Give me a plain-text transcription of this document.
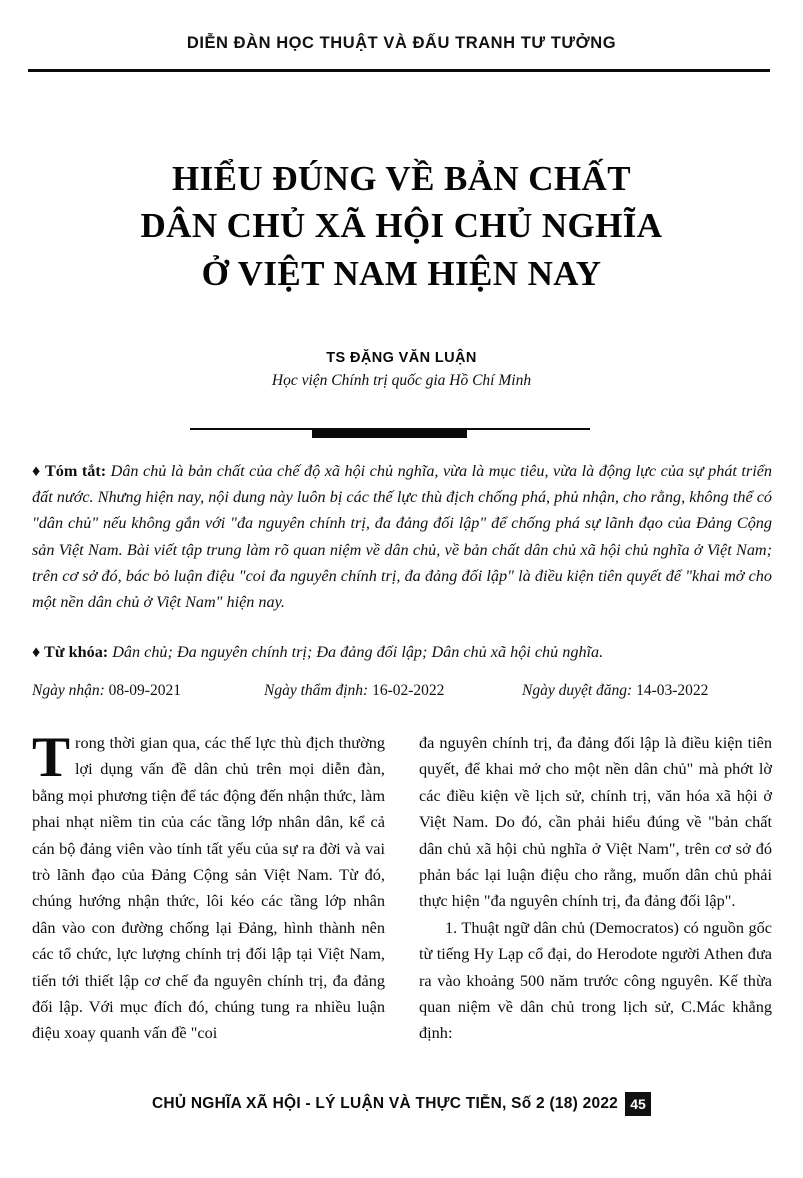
DIỄN ĐÀN HỌC THUẬT VÀ ĐẤU TRANH TƯ TƯỞNG
HIỂU ĐÚNG VỀ BẢN CHẤT
DÂN CHỦ XÃ HỘI CHỦ NGHĨA
Ở VIỆT NAM HIỆN NAY
TS ĐẶNG VĂN LUẬN
Học viện Chính trị quốc gia Hồ Chí Minh
♦ Tóm tắt: Dân chủ là bản chất của chế độ xã hội chủ nghĩa, vừa là mục tiêu, vừa là động lực của sự phát triển đất nước. Nhưng hiện nay, nội dung này luôn bị các thế lực thù địch chống phá, phủ nhận, cho rằng, không thể có "dân chủ" nếu không gắn với "đa nguyên chính trị, đa đảng đối lập" để chống phá sự lãnh đạo của Đảng Cộng sản Việt Nam. Bài viết tập trung làm rõ quan niệm về dân chủ, về bản chất dân chủ xã hội chủ nghĩa ở Việt Nam; trên cơ sở đó, bác bỏ luận điệu "coi đa nguyên chính trị, đa đảng đối lập" là điều kiện tiên quyết để "khai mở cho một nền dân chủ ở Việt Nam" hiện nay.
♦ Từ khóa: Dân chủ; Đa nguyên chính trị; Đa đảng đối lập; Dân chủ xã hội chủ nghĩa.
Ngày nhận: 08-09-2021	Ngày thẩm định: 16-02-2022	Ngày duyệt đăng: 14-03-2022

Trong thời gian qua, các thế lực thù địch thường lợi dụng vấn đề dân chủ trên mọi diễn đàn, bằng mọi phương tiện để tác động đến nhận thức, làm phai nhạt niềm tin của các tầng lớp nhân dân, kể cả cán bộ đảng viên vào tính tất yếu của sự ra đời và vai trò lãnh đạo của Đảng Cộng sản Việt Nam. Từ đó, chúng hướng nhận thức, lôi kéo các tầng lớp nhân dân vào con đường chống lại Đảng, hình thành nên các tổ chức, lực lượng chính trị đối lập tại Việt Nam, tiến tới thiết lập cơ chế đa nguyên chính trị, đa đảng đối lập. Với mục đích đó, chúng tung ra nhiều luận điệu xoay quanh vấn đề "coi

đa nguyên chính trị, đa đảng đối lập là điều kiện tiên quyết, để khai mở cho một nền dân chủ" mà phớt lờ các điều kiện về lịch sử, chính trị, văn hóa xã hội ở Việt Nam. Do đó, cần phải hiểu đúng về "bản chất dân chủ xã hội chủ nghĩa ở Việt Nam", trên cơ sở đó phản bác lại luận điệu cho rằng, muốn dân chủ phải thực hiện "đa nguyên chính trị, đa đảng đối lập".

1. Thuật ngữ dân chủ (Democratos) có nguồn gốc từ tiếng Hy Lạp cổ đại, do Herodote người Athen đưa ra vào khoảng 500 năm trước công nguyên. Kế thừa quan niệm về dân chủ trong lịch sử, C.Mác khẳng định:

CHỦ NGHĨA XÃ HỘI - LÝ LUẬN VÀ THỰC TIỄN, Số 2 (18) 2022 45
